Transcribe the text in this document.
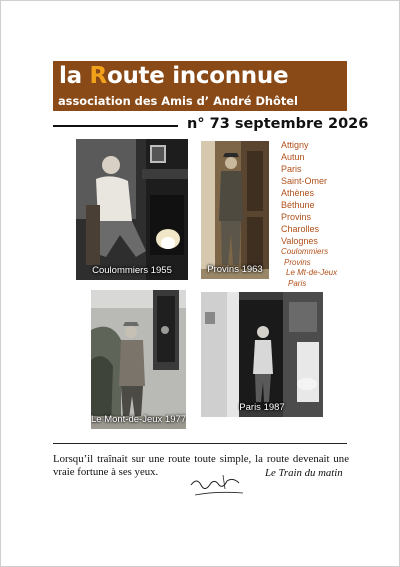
la Route inconnue
association des Amis d’ André Dhôtel
n° 73 septembre 2026
Coulommiers 1955	Provins 1963
Attigny
Autun
Paris
Saint-Omer
Athènes
Béthune
Provins
Charolles
Valognes
Coulommiers
Provins
Le Mt-de-Jeux
Paris
Le Mont-de-Jeux 1977
Paris 1987
Lorsqu’il traînait sur une route toute simple, la route devenait une vraie fortune à ses yeux.	Le Train du matin
